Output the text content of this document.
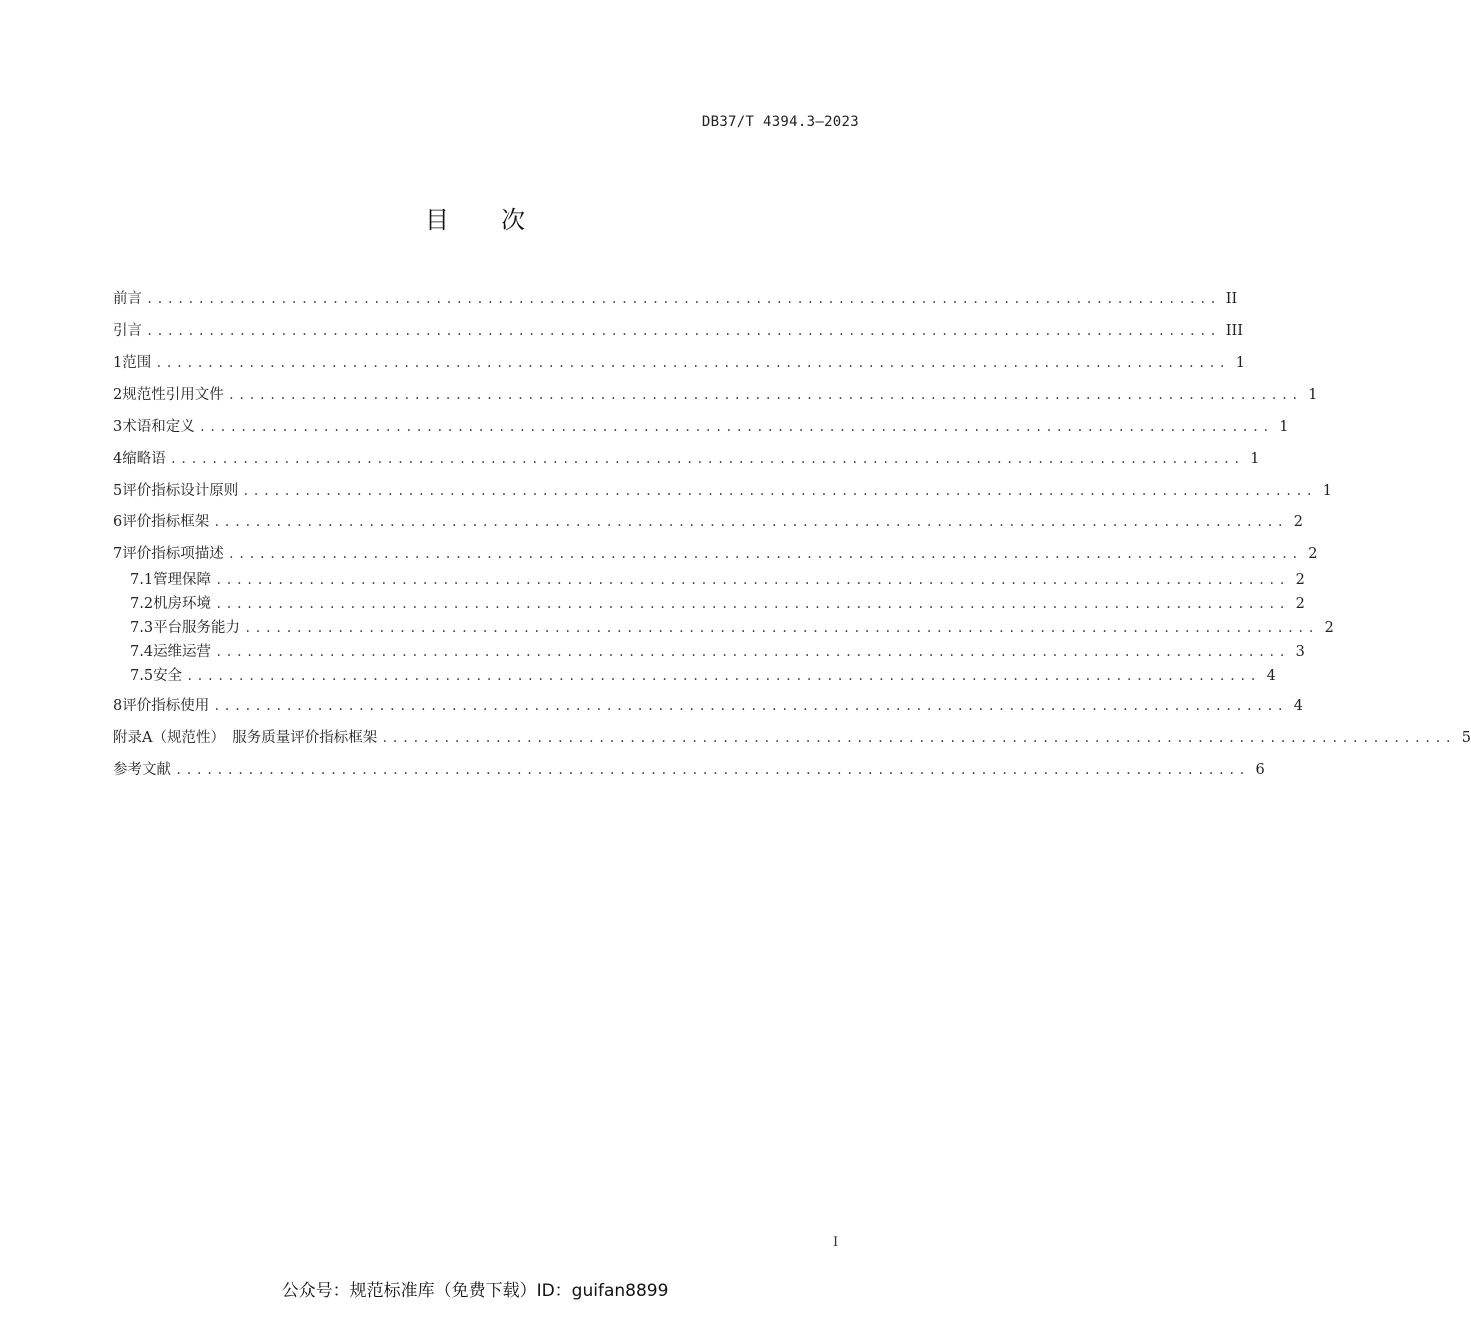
DB37/T 4394.3—2023
目次
前言 ........................................................................................................ II
引言 ........................................................................................................ III
1 范围 ........................................................................................................ 1
2 规范性引用文件 ........................................................................................................ 1
3 术语和定义 ........................................................................................................ 1
4 缩略语 ........................................................................................................ 1
5 评价指标设计原则 ........................................................................................................ 1
6 评价指标框架 ........................................................................................................ 2
7 评价指标项描述 ........................................................................................................ 2
7.1 管理保障 ........................................................................................................ 2
7.2 机房环境 ........................................................................................................ 2
7.3 平台服务能力 ........................................................................................................ 2
7.4 运维运营 ........................................................................................................ 3
7.5 安全 ........................................................................................................ 4
8 评价指标使用 ........................................................................................................ 4
附录A（规范性）　服务质量评价指标框架 ........................................................................................................ 5
参考文献 ........................................................................................................ 6
I
公众号：规范标准库（免费下载）ID：guifan8899
